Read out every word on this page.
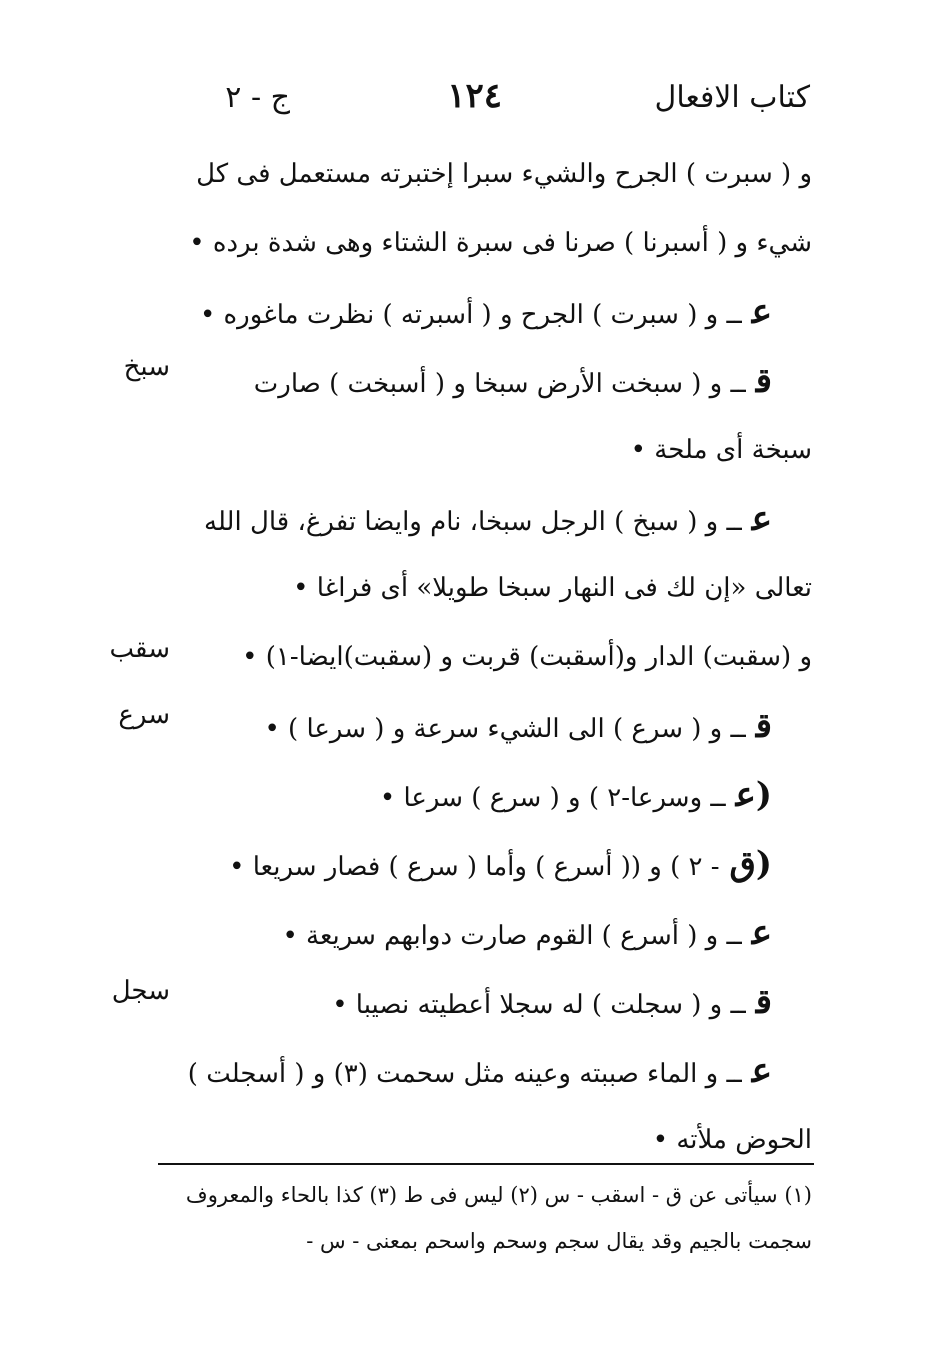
كتاب الافعال
١٢٤
ج - ٢
سبخ
سقب
سرع
سجل
و ( سبرت ) الجرح والشيء سبرا إختبرته مستعمل فى كل
شيء و ( أسبرنا ) صرنا فى سبرة الشتاء وهى شدة برده •
عــ و ( سبرت ) الجرح و ( أسبرته ) نظرت ماغوره •
قــ و ( سبخت الأرض سبخا و ( أسبخت ) صارت
سبخة أى ملحة •
عــ و ( سبخ ) الرجل سبخا، نام وايضا تفرغ، قال الله
تعالى «إن لك فى النهار سبخا طويلا» أى فراغا •
و (سقبت) الدار و(أسقبت) قربت و (سقبت)ايضا-١) •
قــ و ( سرع ) الى الشيء سرعة و ( سرعا ) •
(عــ وسرعا-٢ ) و ( سرع ) سرعا •
(ق- ٢ ) و (( أسرع ) وأما ( سرع ) فصار سريعا •
عــ و ( أسرع ) القوم صارت دوابهم سريعة •
قــ و ( سجلت ) له سجلا أعطيته نصيبا •
عــ و الماء صببته وعينه مثل سحمت (٣) و ( أسجلت )
الحوض ملأته •
(١) سيأتى عن ق - اسقب - س (٢) ليس فى ط (٣) كذا بالحاء والمعروف
سجمت بالجيم وقد يقال سجم وسحم واسحم بمعنى - س -
